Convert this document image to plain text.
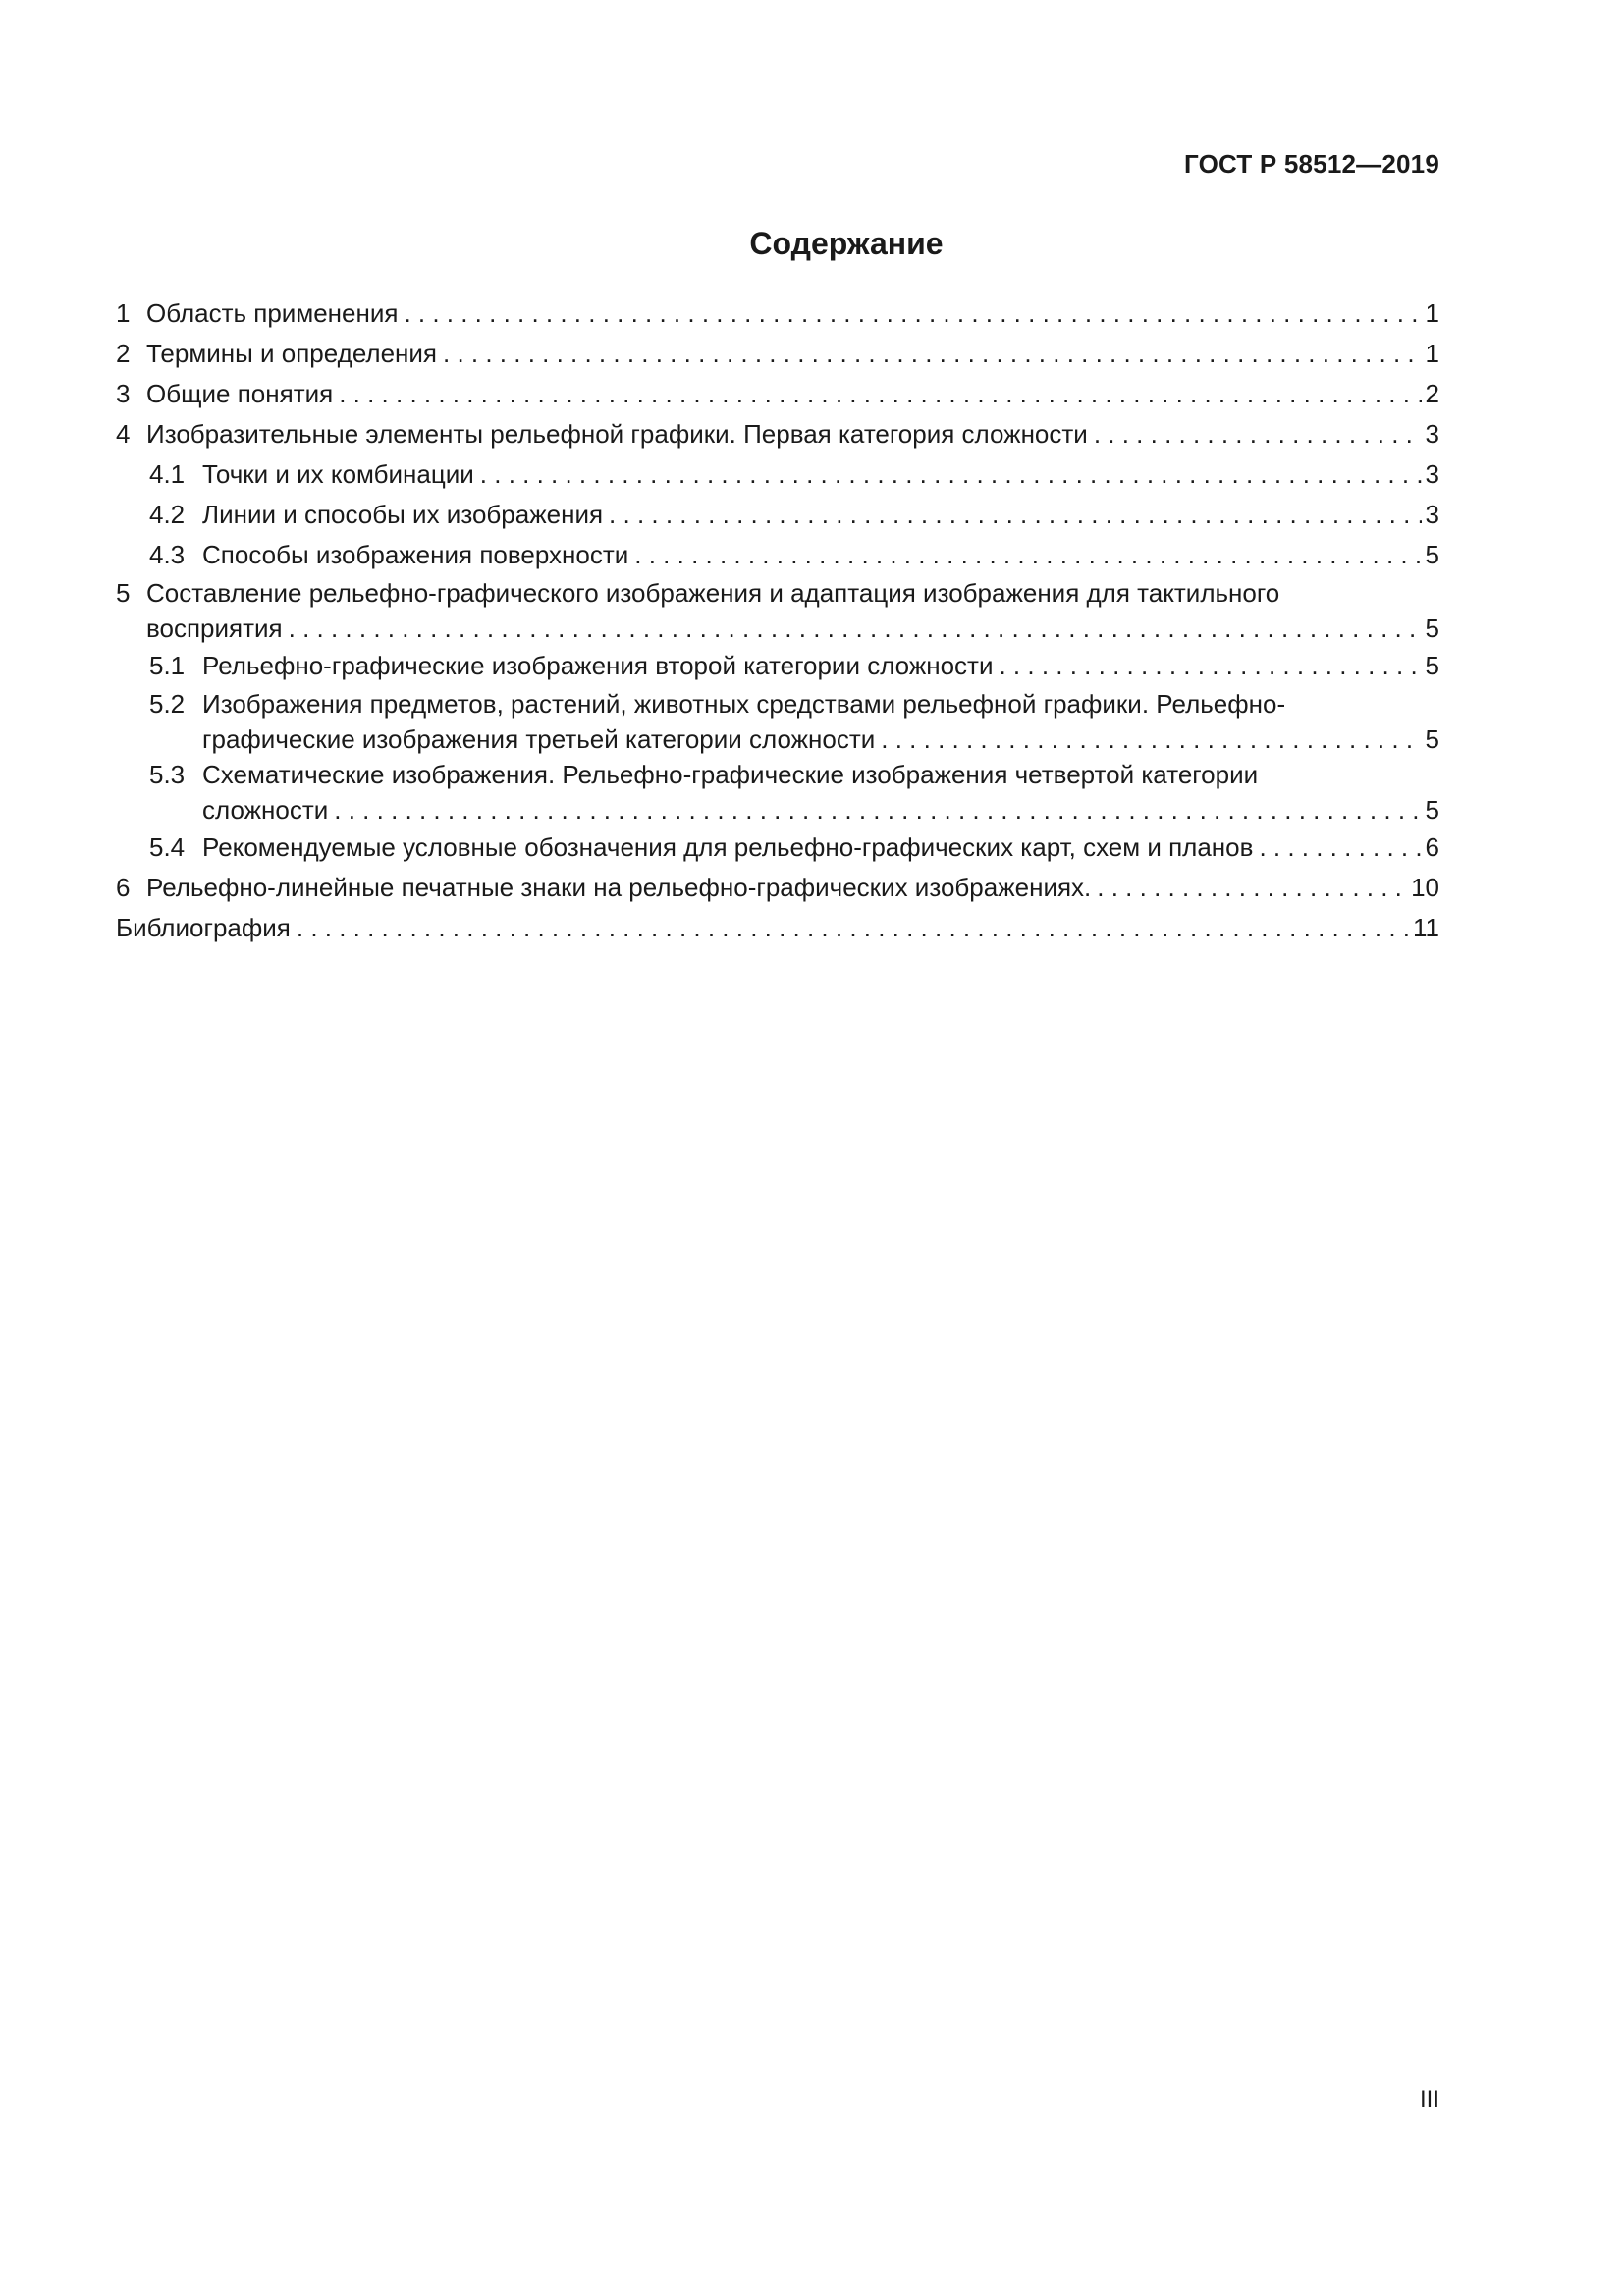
ГОСТ Р 58512—2019
Содержание
1 Область применения . . .	1
2 Термины и определения . . .	1
3 Общие понятия . . .	2
4 Изобразительные элементы рельефной графики. Первая категория сложности . . .	3
4.1 Точки и их комбинации . . .	3
4.2 Линии и способы их изображения . . .	3
4.3 Способы изображения поверхности . . .	5
5 Составление рельефно-графического изображения и адаптация изображения для тактильного
восприятия . . .	5
5.1 Рельефно-графические изображения второй категории сложности . . .	5
5.2 Изображения предметов, растений, животных средствами рельефной графики. Рельефно-
графические изображения третьей категории сложности . . .	5
5.3 Схематические изображения. Рельефно-графические изображения четвертой категории
сложности . . .	5
5.4 Рекомендуемые условные обозначения для рельефно-графических карт, схем и планов . . .	6
6 Рельефно-линейные печатные знаки на рельефно-графических изображениях. . . .	10
Библиография . . .	11
III
